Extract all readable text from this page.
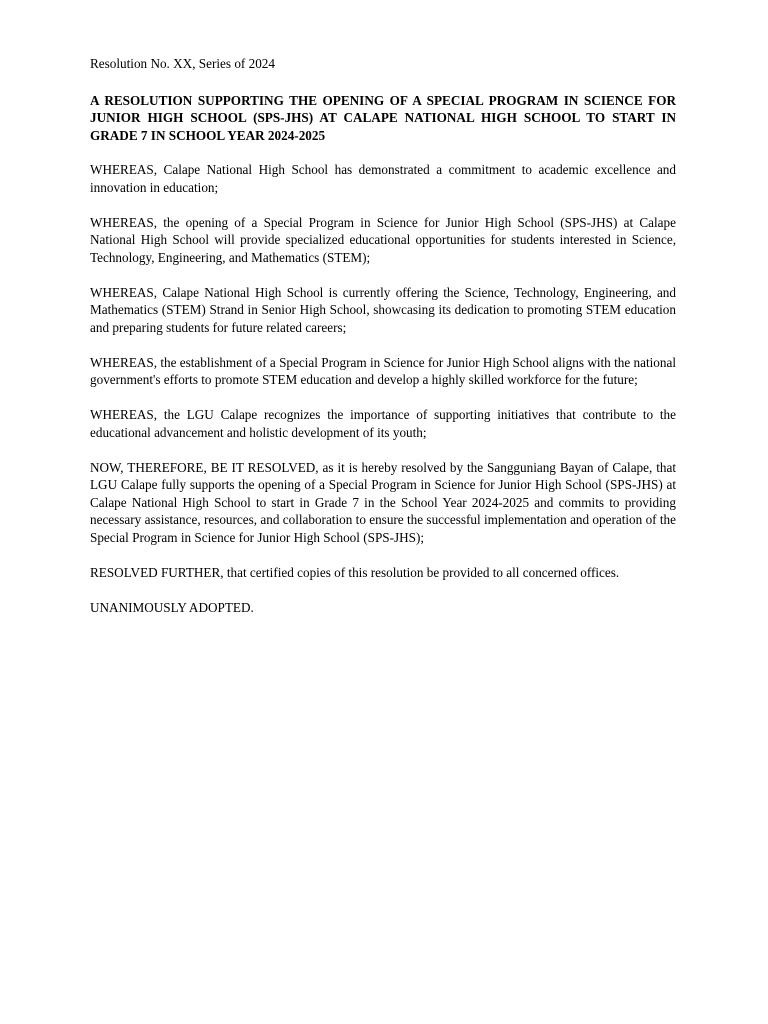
Resolution No. XX, Series of 2024

A RESOLUTION SUPPORTING THE OPENING OF A SPECIAL PROGRAM IN SCIENCE FOR JUNIOR HIGH SCHOOL (SPS-JHS) AT CALAPE NATIONAL HIGH SCHOOL TO START IN GRADE 7 IN SCHOOL YEAR 2024-2025

WHEREAS, Calape National High School has demonstrated a commitment to academic excellence and innovation in education;

WHEREAS, the opening of a Special Program in Science for Junior High School (SPS-JHS) at Calape National High School will provide specialized educational opportunities for students interested in Science, Technology, Engineering, and Mathematics (STEM);

WHEREAS, Calape National High School is currently offering the Science, Technology, Engineering, and Mathematics (STEM) Strand in Senior High School, showcasing its dedication to promoting STEM education and preparing students for future related careers;

WHEREAS, the establishment of a Special Program in Science for Junior High School aligns with the national government's efforts to promote STEM education and develop a highly skilled workforce for the future;

WHEREAS, the LGU Calape recognizes the importance of supporting initiatives that contribute to the educational advancement and holistic development of its youth;

NOW, THEREFORE, BE IT RESOLVED, as it is hereby resolved by the Sangguniang Bayan of Calape, that LGU Calape fully supports the opening of a Special Program in Science for Junior High School (SPS-JHS) at Calape National High School to start in Grade 7 in the School Year 2024-2025 and commits to providing necessary assistance, resources, and collaboration to ensure the successful implementation and operation of the Special Program in Science for Junior High School (SPS-JHS);

RESOLVED FURTHER, that certified copies of this resolution be provided to all concerned offices.

UNANIMOUSLY ADOPTED.
